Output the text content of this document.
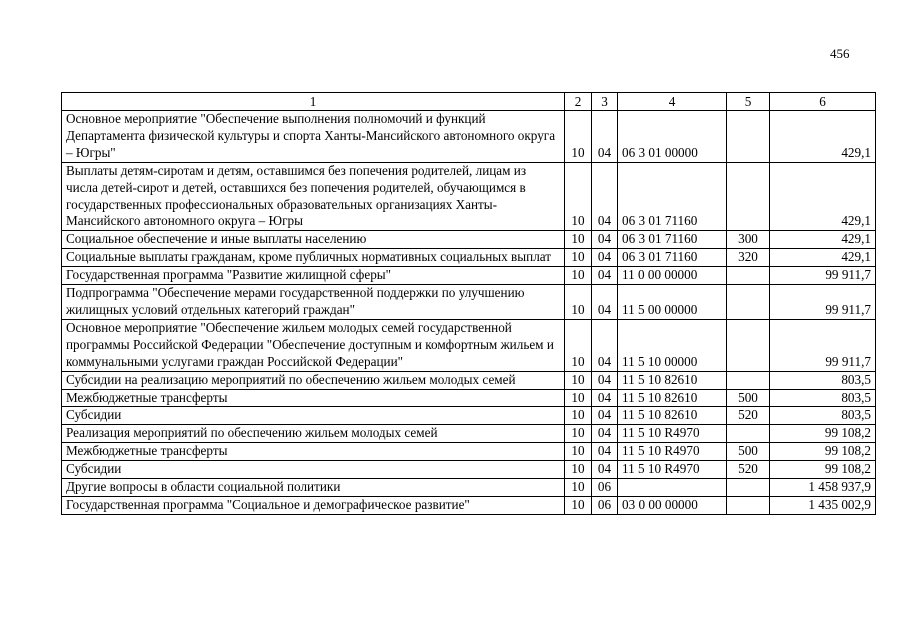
456
1	2	3	4	5	6
Основное мероприятие "Обеспечение выполнения полномочий и функций Департамента физической культуры и спорта Ханты-Мансийского автономного округа – Югры"	10	04	06 3 01 00000		429,1
Выплаты детям-сиротам и детям, оставшимся без попечения родителей, лицам из числа детей-сирот и детей, оставшихся без попечения родителей, обучающимся в государственных профессиональных образовательных организациях Ханты-Мансийского автономного округа – Югры	10	04	06 3 01 71160		429,1
Социальное обеспечение и иные выплаты населению	10	04	06 3 01 71160	300	429,1
Социальные выплаты гражданам, кроме публичных нормативных социальных выплат	10	04	06 3 01 71160	320	429,1
Государственная программа "Развитие жилищной сферы"	10	04	11 0 00 00000		99 911,7
Подпрограмма "Обеспечение мерами государственной поддержки по улучшению жилищных условий отдельных категорий граждан"	10	04	11 5 00 00000		99 911,7
Основное мероприятие "Обеспечение жильем молодых семей государственной программы Российской Федерации "Обеспечение доступным и комфортным жильем и коммунальными услугами граждан Российской Федерации"	10	04	11 5 10 00000		99 911,7
Субсидии на реализацию мероприятий по обеспечению жильем молодых семей	10	04	11 5 10 82610		803,5
Межбюджетные трансферты	10	04	11 5 10 82610	500	803,5
Субсидии	10	04	11 5 10 82610	520	803,5
Реализация мероприятий по обеспечению жильем молодых семей	10	04	11 5 10 R4970		99 108,2
Межбюджетные трансферты	10	04	11 5 10 R4970	500	99 108,2
Субсидии	10	04	11 5 10 R4970	520	99 108,2
Другие вопросы в области социальной политики	10	06			1 458 937,9
Государственная программа "Социальное и демографическое развитие"	10	06	03 0 00 00000		1 435 002,9
